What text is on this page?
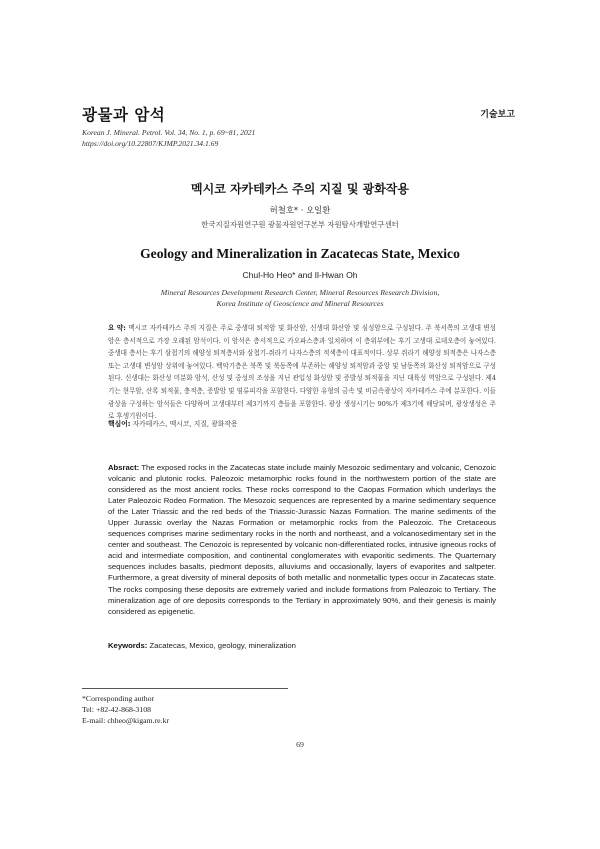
광물과 암석	기술보고
Korean J. Mineral. Petrol. Vol. 34, No. 1, p. 69~81, 2021
https://doi.org/10.22807/KJMP.2021.34.1.69
멕시코 자카테카스 주의 지질 및 광화작용
허철호* · 오일환
한국지질자원연구원 광물자원연구본부 자원탐사개발연구센터
Geology and Mineralization in Zacatecas State, Mexico
Chul-Ho Heo* and Il-Hwan Oh
Mineral Resources Development Research Center, Mineral Resources Research Division,
Korea Institute of Geoscience and Mineral Resources
요 약: 멕시코 자카테카스 주의 지질은 주로 중생대 퇴적암 및 화산암, 신생대 화산암 및 심성암으로 구성된다. 주 북서쪽의 고생대 변성암은 층서적으로 가장 오래된 암석이다. 이 암석은 층서적으로 카오파스층과 일치하며 이 층위부에는 후기 고생대 로데오층이 놓여있다. 중생대 층서는 후기 삼첩기의 해양성 퇴적층서와 삼첩기-쥐라기 나자스층의 적색층이 대표적이다. 상부 쥐라기 해양성 퇴적층은 나자스층 또는 고생대 변성암 상위에 놓여있다. 백악기층은 북쪽 및 북동쪽에 부존하는 해양성 퇴적암과 중앙 및 남동쪽의 화산성 퇴적암으로 구성된다. 신생대는 화산성 미분화 암석, 산성 및 중성의 조성을 지닌 관입성 화성암 및 증발성 퇴적물을 지닌 대륙성 역암으로 구성된다. 제4기는 현무암, 산록 퇴적물, 충적층, 증발암 및 염류피각을 포함한다. 다양한 유형의 금속 및 비금속광상이 자카테카스 주에 분포한다. 이들 광상을 구성하는 암석들은 다양하며 고생대부터 제3기까지 층들을 포함한다. 광상 생성시기는 90%가 제3기에 해당되며, 광상생성은 주로 후생기원이다.
핵심어: 자카테카스, 멕시코, 지질, 광화작용
Absract: The exposed rocks in the Zacatecas state include mainly Mesozoic sedimentary and volcanic, Cenozoic volcanic and plutonic rocks. Paleozoic metamorphic rocks found in the northwestern portion of the state are considered as the most ancient rocks. These rocks correspond to the Caopas Formation which underlays the Later Paleozoic Rodeo Formation. The Mesozoic sequences are represented by a marine sedimentary sequence of the Later Triassic and the red beds of the Triassic-Jurassic Nazas Formation. The marine sediments of the Upper Jurassic overlay the Nazas Formation or metamorphic rocks from the Paleozoic. The Cretaceous sequences comprises marine sedimentary rocks in the north and northeast, and a volcanosedimentary set in the center and southeast. The Cenozoic is represented by volcanic non-differentiated rocks, intrusive igneous rocks of acid and intermediate composition, and continental conglomerates with evaporitic sediments. The Quarternary sequences includes basalts, piedmont deposits, alluviums and occasionally, layers of evaporites and saltpeter. Furthermore, a great diversity of mineral deposits of both metallic and nonmetallic types occur in Zacatecas state. The rocks composing these deposits are extremely varied and include formations from Paleozoic to Tertiary. The mineralization age of ore deposits corresponds to the Tertiary in approximately 90%, and their genesis is mainly considered as epigenetic.
Keywords: Zacatecas, Mexico, geology, mineralization
*Corresponding author
Tel: +82-42-868-3108
E-mail: chheo@kigam.re.kr
69
